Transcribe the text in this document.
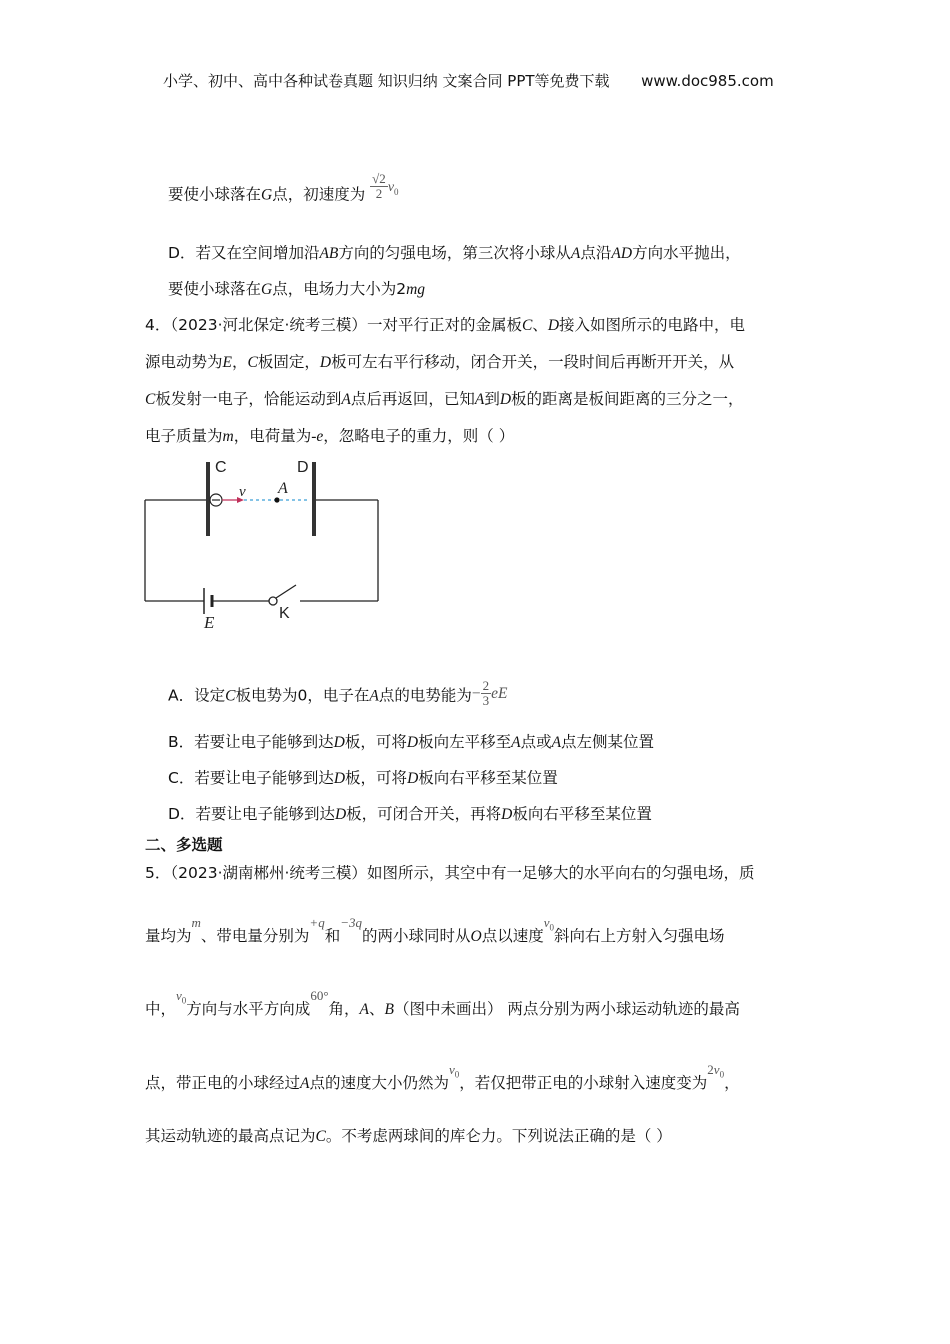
小学、初中、高中各种试卷真题 知识归纳 文案合同 PPT等免费下载 www.doc985.com
要使小球落在G点，初速度为 $\frac{√2}{2} v_0$
D．若又在空间增加沿AB方向的匀强电场，第三次将小球从A点沿AD方向水平抛出，
要使小球落在G点，电场力大小为2mg
4．（2023·河北保定·统考三模）一对平行正对的金属板C、D接入如图所示的电路中，电
源电动势为E，C板固定，D板可左右平行移动，闭合开关，一段时间后再断开开关，从
C板发射一电子，恰能运动到A点后再返回，已知A到D板的距离是板间距离的三分之一，
电子质量为m，电荷量为-e，忽略电子的重力，则（ ）
C	D
v A
E	K
A．设定C板电势为0，电子在A点的电势能为− $\frac{2}{3}$ eE
B．若要让电子能够到达D板，可将D板向左平移至A点或A点左侧某位置
C．若要让电子能够到达D板，可将D板向右平移至某位置
D．若要让电子能够到达D板，可闭合开关，再将D板向右平移至某位置
二、多选题
5．（2023·湖南郴州·统考三模）如图所示，其空中有一足够大的水平向右的匀强电场，质
量均为$^m$、带电量分别为$^{+q}$和$^{-3q}$的两小球同时从O点以速度$^{v_0}$斜向右上方射入匀强电场
中，$^{v_0}$方向与水平方向成$^{60^\circ}$角，A、B（图中未画出） 两点分别为两小球运动轨迹的最高
点，带正电的小球经过A点的速度大小仍然为$^{v_0}$，若仅把带正电的小球射入速度变为$^{2v_0}$，
其运动轨迹的最高点记为C。不考虑两球间的库仑力。下列说法正确的是（ ）
